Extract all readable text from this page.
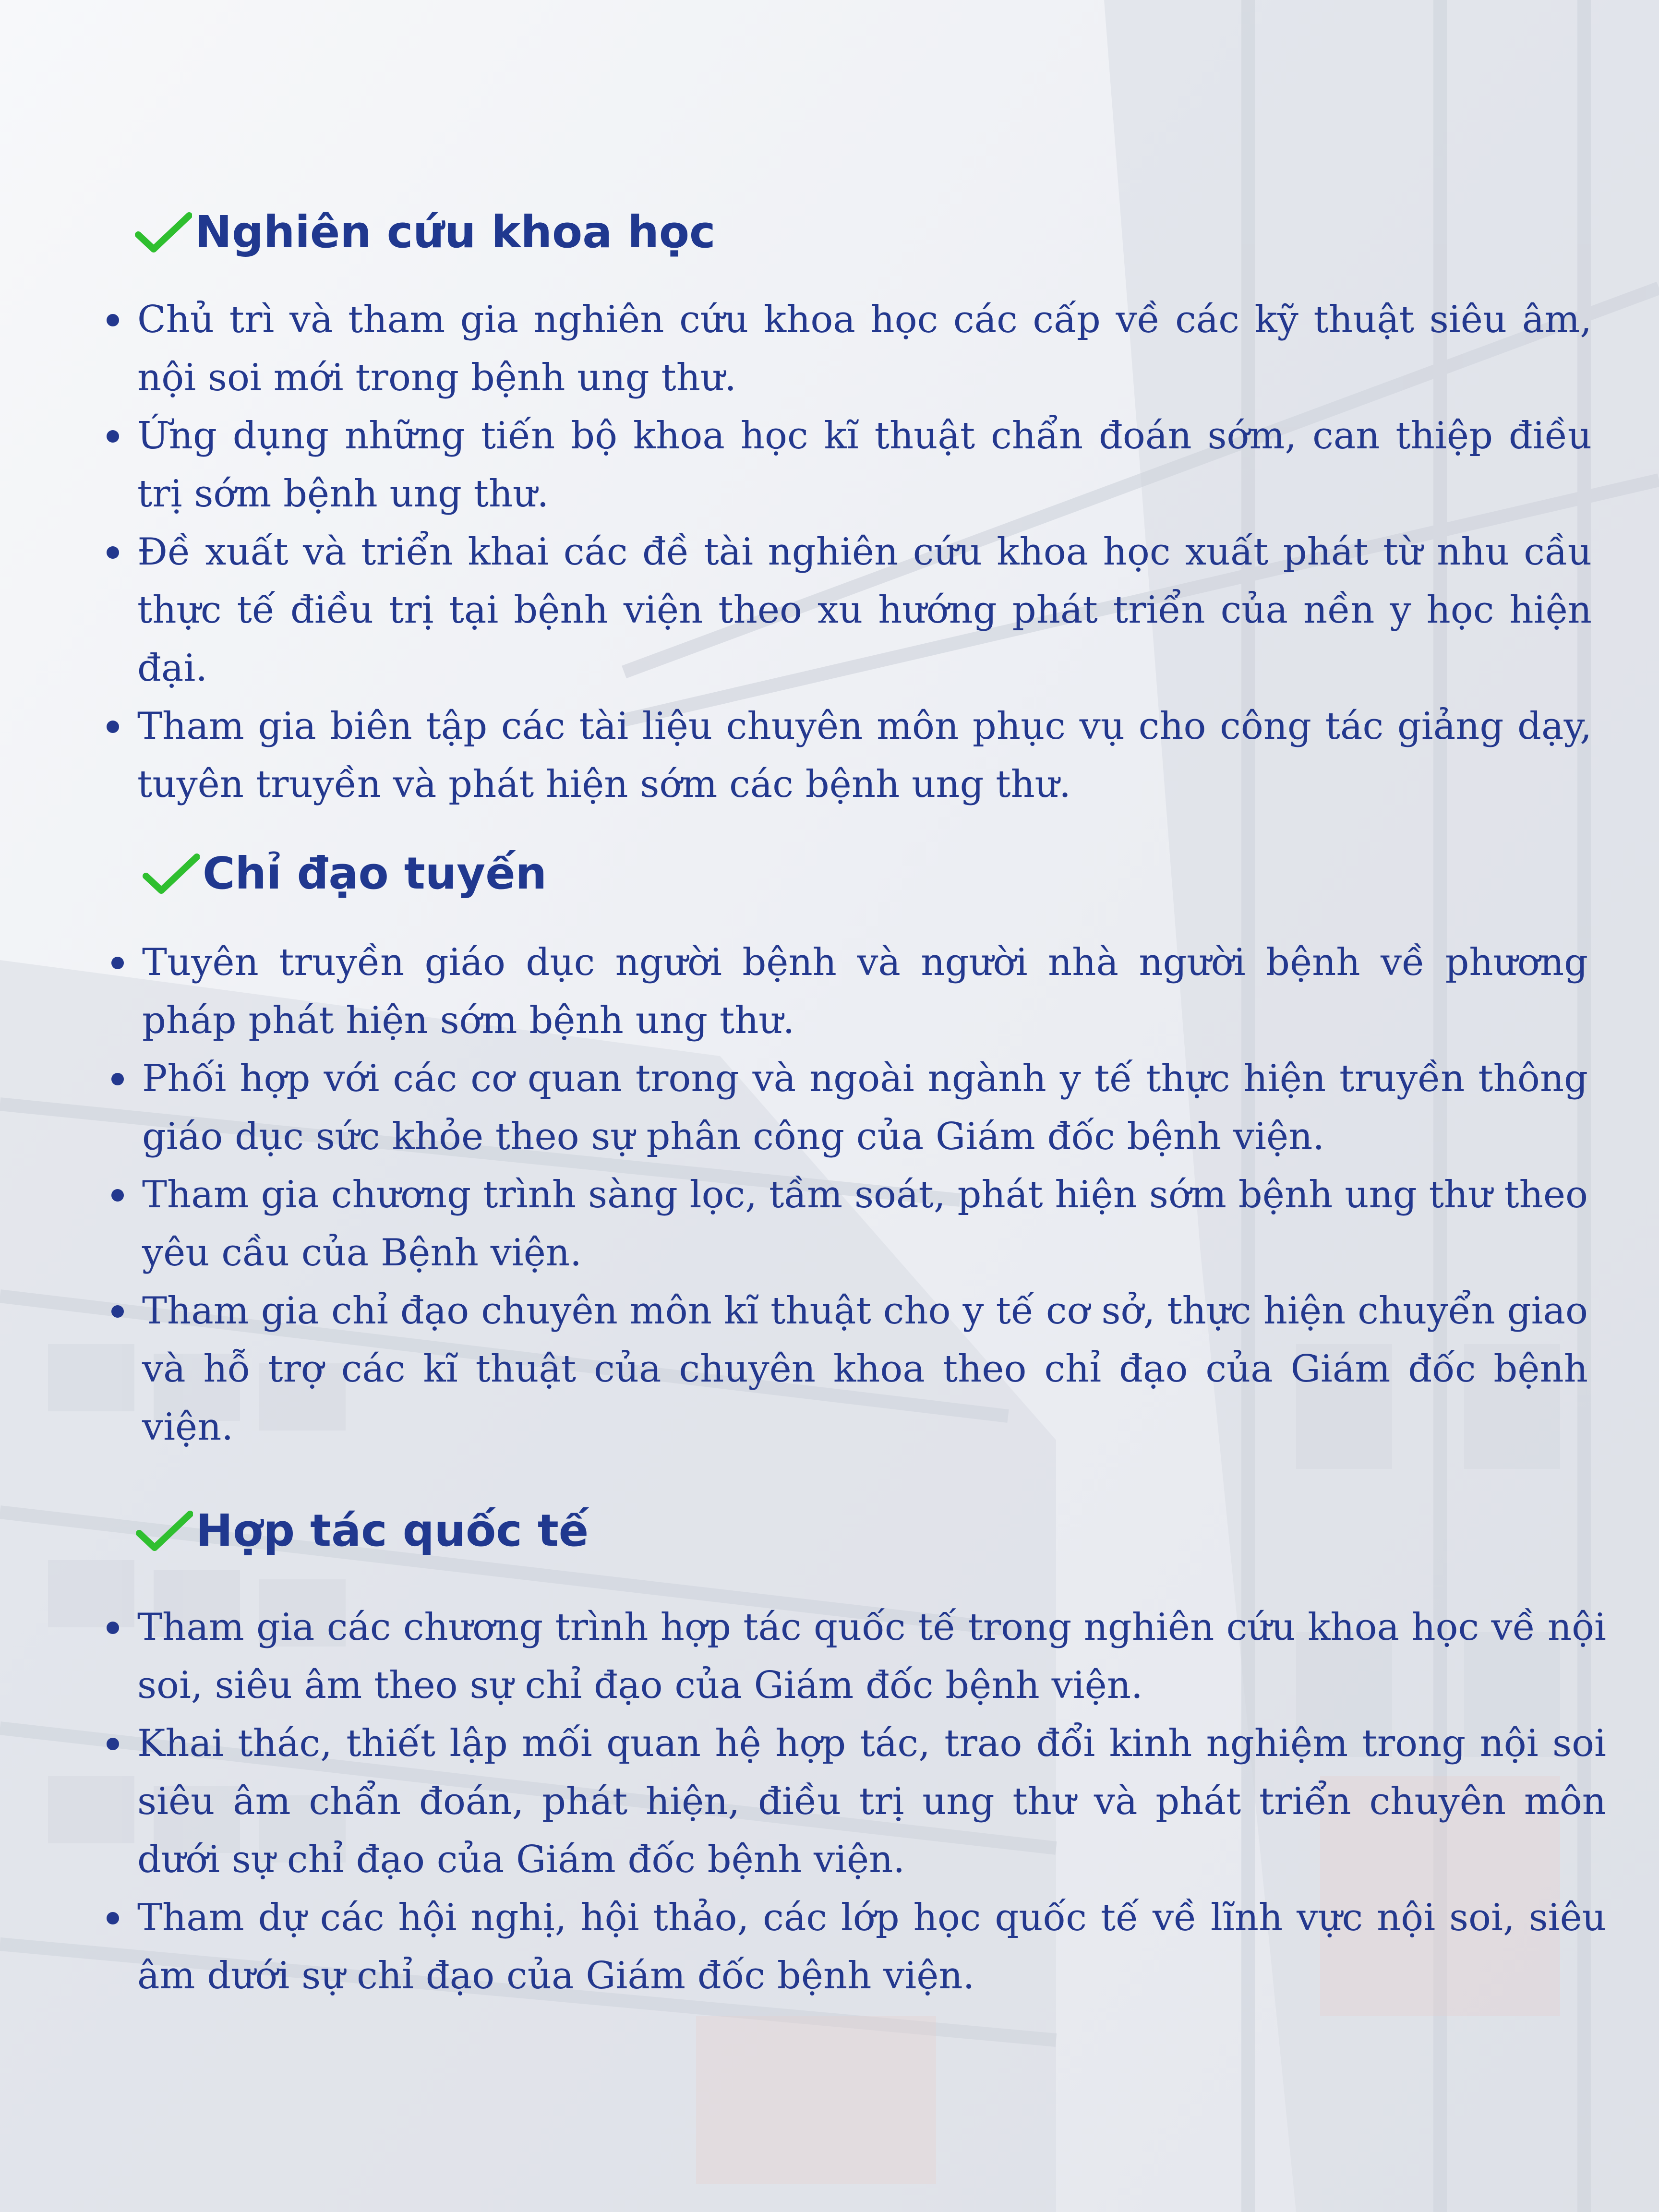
Nghiên cứu khoa học
Chủ trì và tham gia nghiên cứu khoa học các cấp về các kỹ thuật siêu âm, nội soi mới trong bệnh ung thư.
Ứng dụng những tiến bộ khoa học kĩ thuật chẩn đoán sớm, can thiệp điều trị sớm bệnh ung thư.
Đề xuất và triển khai các đề tài nghiên cứu khoa học xuất phát từ nhu cầu thực tế điều trị tại bệnh viện theo xu hướng phát triển của nền y học hiện đại.
Tham gia biên tập các tài liệu chuyên môn phục vụ cho công tác giảng dạy, tuyên truyền và phát hiện sớm các bệnh ung thư.
Chỉ đạo tuyến
Tuyên truyền giáo dục người bệnh và người nhà người bệnh về phương pháp phát hiện sớm bệnh ung thư.
Phối hợp với các cơ quan trong và ngoài ngành y tế thực hiện truyền thông giáo dục sức khỏe theo sự phân công của Giám đốc bệnh viện.
Tham gia chương trình sàng lọc, tầm soát, phát hiện sớm bệnh ung thư theo yêu cầu của Bệnh viện.
Tham gia chỉ đạo chuyên môn kĩ thuật cho y tế cơ sở, thực hiện chuyển giao và hỗ trợ các kĩ thuật của chuyên khoa theo chỉ đạo của Giám đốc bệnh viện.
Hợp tác quốc tế
Tham gia các chương trình hợp tác quốc tế trong nghiên cứu khoa học về nội soi, siêu âm theo sự chỉ đạo của Giám đốc bệnh viện.
Khai thác, thiết lập mối quan hệ hợp tác, trao đổi kinh nghiệm trong nội soi siêu âm chẩn đoán, phát hiện, điều trị ung thư và phát triển chuyên môn dưới sự chỉ đạo của Giám đốc bệnh viện.
Tham dự các hội nghị, hội thảo, các lớp học quốc tế về lĩnh vực nội soi, siêu âm dưới sự chỉ đạo của Giám đốc bệnh viện.
